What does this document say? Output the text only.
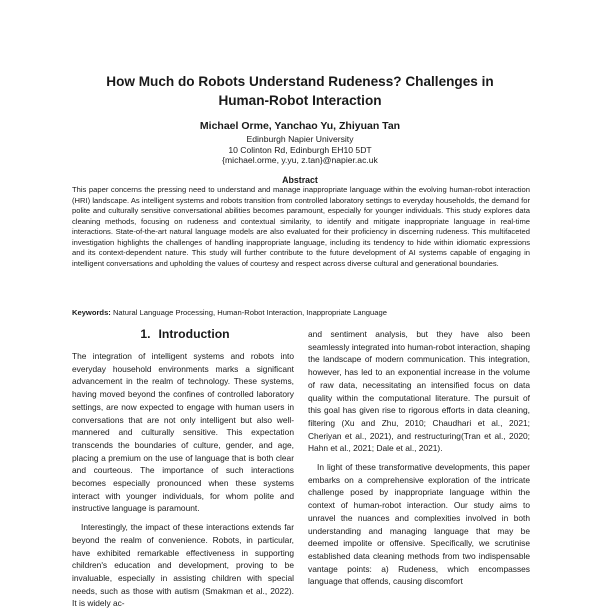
How Much do Robots Understand Rudeness? Challenges in
Human-Robot Interaction
Michael Orme, Yanchao Yu, Zhiyuan Tan
Edinburgh Napier University
10 Colinton Rd, Edinburgh EH10 5DT
{michael.orme, y.yu, z.tan}@napier.ac.uk
Abstract
This paper concerns the pressing need to understand and manage inappropriate language within the evolving human-robot interaction (HRI) landscape. As intelligent systems and robots transition from controlled laboratory settings to everyday households, the demand for polite and culturally sensitive conversational abilities becomes paramount, especially for younger individuals. This study explores data cleaning methods, focusing on rudeness and contextual similarity, to identify and mitigate inappropriate language in real-time interactions. State-of-the-art natural language models are also evaluated for their proficiency in discerning rudeness. This multifaceted investigation highlights the challenges of handling inappropriate language, including its tendency to hide within idiomatic expressions and its context-dependent nature. This study will further contribute to the future development of AI systems capable of engaging in intelligent conversations and upholding the values of courtesy and respect across diverse cultural and generational boundaries.
Keywords: Natural Language Processing, Human-Robot Interaction, Inappropriate Language
1. Introduction

The integration of intelligent systems and robots into everyday household environments marks a significant advancement in the realm of technology. These systems, having moved beyond the confines of controlled laboratory settings, are now expected to engage with human users in conversations that are not only intelligent but also well-mannered and culturally sensitive. This expectation transcends the boundaries of culture, gender, and age, placing a premium on the use of language that is both clear and courteous. The importance of such interactions becomes especially pronounced when these systems interact with younger individuals, for whom polite and instructive language is paramount.

Interestingly, the impact of these interactions extends far beyond the realm of convenience. Robots, in particular, have exhibited remarkable effectiveness in supporting children's education and development, proving to be invaluable, especially in assisting children with special needs, such as those with autism (Smakman et al., 2022). It is widely ac-

and sentiment analysis, but they have also been seamlessly integrated into human-robot interaction, shaping the landscape of modern communication. This integration, however, has led to an exponential increase in the volume of raw data, necessitating an intensified focus on data quality within the computational literature. The pursuit of this goal has given rise to rigorous efforts in data cleaning, filtering (Xu and Zhu, 2010; Chaudhari et al., 2021; Cheriyan et al., 2021), and restructuring(Tran et al., 2020; Hahn et al., 2021; Dale et al., 2021).

In light of these transformative developments, this paper embarks on a comprehensive exploration of the intricate challenge posed by inappropriate language within the context of human-robot interaction. Our study aims to unravel the nuances and complexities involved in both understanding and managing language that may be deemed impolite or offensive. Specifically, we scrutinise established data cleaning methods from two indispensable vantage points: a) Rudeness, which encompasses language that offends, causing discomfort
